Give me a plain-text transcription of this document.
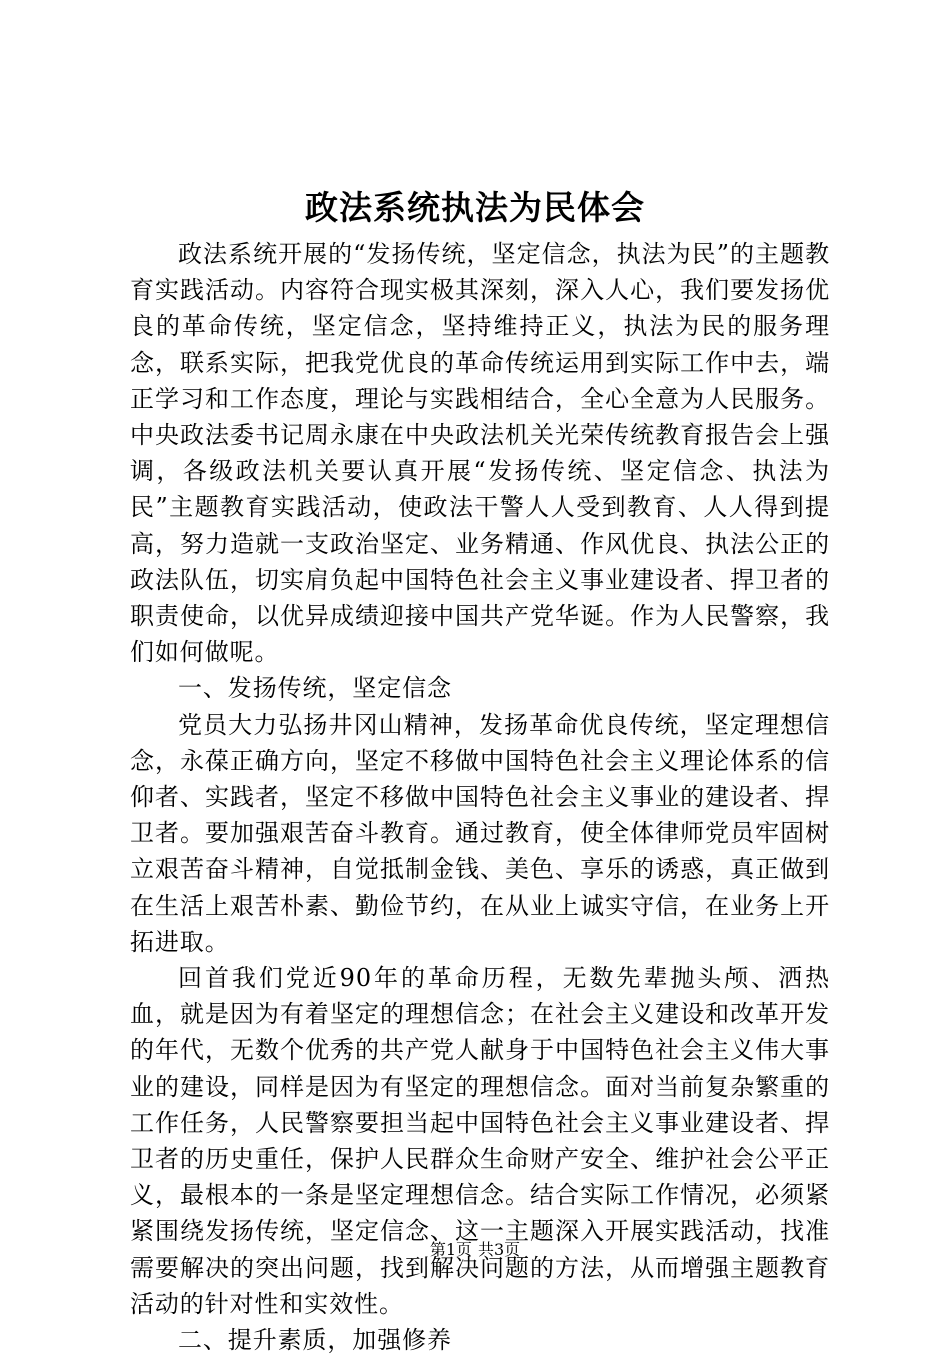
政法系统执法为民体会

政法系统开展的“发扬传统，坚定信念，执法为民”的主题教育实践活动。内容符合现实极其深刻，深入人心，我们要发扬优良的革命传统，坚定信念，坚持维持正义，执法为民的服务理念，联系实际，把我党优良的革命传统运用到实际工作中去，端正学习和工作态度，理论与实践相结合，全心全意为人民服务。中央政法委书记周永康在中央政法机关光荣传统教育报告会上强调，各级政法机关要认真开展“发扬传统、坚定信念、执法为民”主题教育实践活动，使政法干警人人受到教育、人人得到提高，努力造就一支政治坚定、业务精通、作风优良、执法公正的政法队伍，切实肩负起中国特色社会主义事业建设者、捍卫者的职责使命，以优异成绩迎接中国共产党华诞。作为人民警察，我们如何做呢。

一、发扬传统，坚定信念

党员大力弘扬井冈山精神，发扬革命优良传统，坚定理想信念，永葆正确方向，坚定不移做中国特色社会主义理论体系的信仰者、实践者，坚定不移做中国特色社会主义事业的建设者、捍卫者。要加强艰苦奋斗教育。通过教育，使全体律师党员牢固树立艰苦奋斗精神，自觉抵制金钱、美色、享乐的诱惑，真正做到在生活上艰苦朴素、勤俭节约，在从业上诚实守信，在业务上开拓进取。

回首我们党近90年的革命历程，无数先辈抛头颅、洒热血，就是因为有着坚定的理想信念；在社会主义建设和改革开发的年代，无数个优秀的共产党人献身于中国特色社会主义伟大事业的建设，同样是因为有坚定的理想信念。面对当前复杂繁重的工作任务，人民警察要担当起中国特色社会主义事业建设者、捍卫者的历史重任，保护人民群众生命财产安全、维护社会公平正义，最根本的一条是坚定理想信念。结合实际工作情况，必须紧紧围绕发扬传统，坚定信念、这一主题深入开展实践活动，找准需要解决的突出问题，找到解决问题的方法，从而增强主题教育活动的针对性和实效性。

二、提升素质，加强修养

第1页 共3页
